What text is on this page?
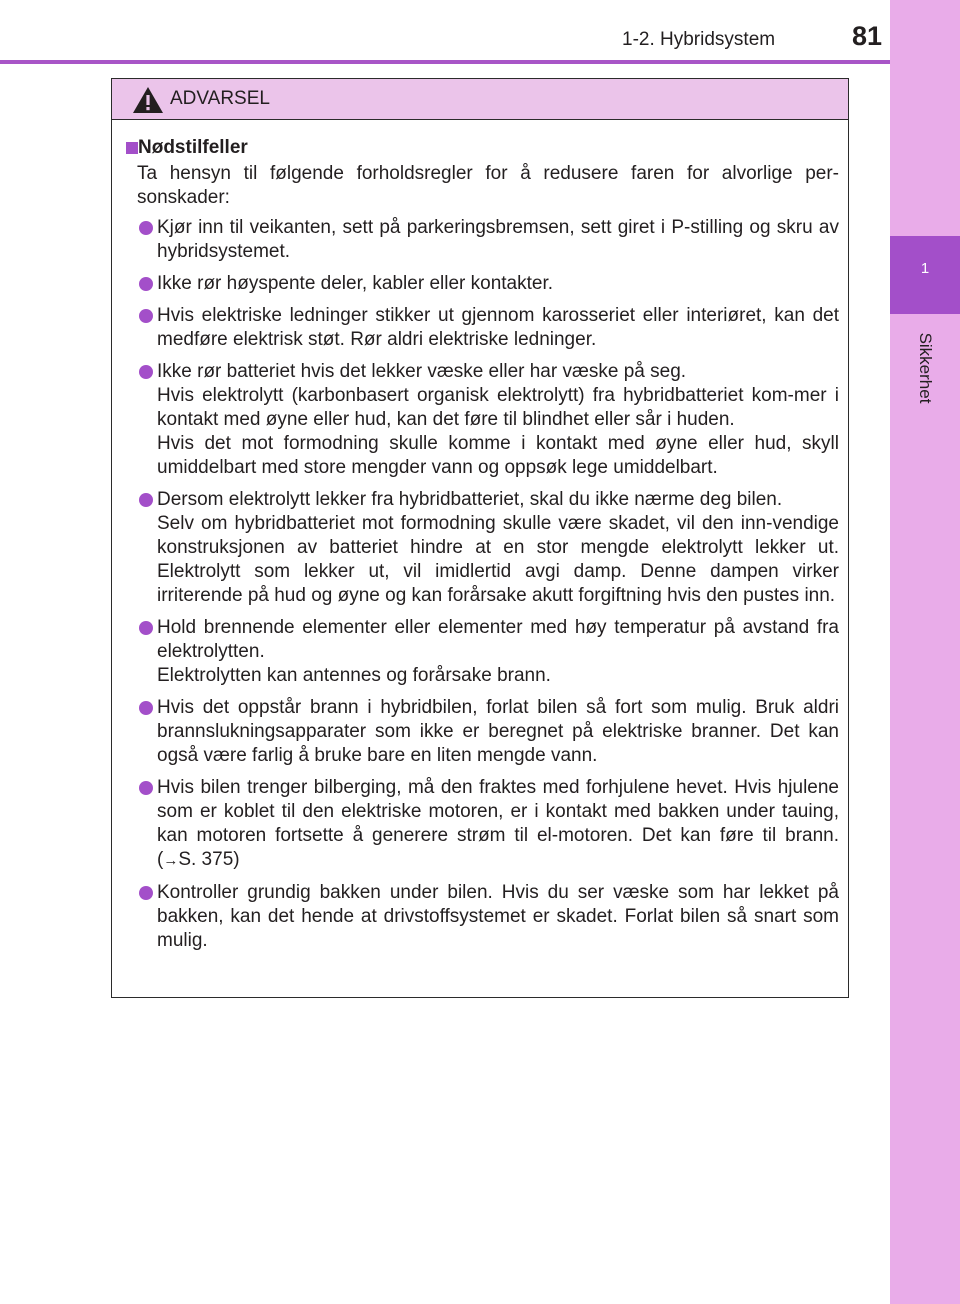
1-2. Hybridsystem	81
1
Sikkerhet
ADVARSEL
Nødstilfeller

Ta hensyn til følgende forholdsregler for å redusere faren for alvorlige per-sonskader:

Kjør inn til veikanten, sett på parkeringsbremsen, sett giret i P-stilling og skru av hybridsystemet.

Ikke rør høyspente deler, kabler eller kontakter.

Hvis elektriske ledninger stikker ut gjennom karosseriet eller interiøret, kan det medføre elektrisk støt. Rør aldri elektriske ledninger.

Ikke rør batteriet hvis det lekker væske eller har væske på seg.

Hvis elektrolytt (karbonbasert organisk elektrolytt) fra hybridbatteriet kom-mer i kontakt med øyne eller hud, kan det føre til blindhet eller sår i huden.

Hvis det mot formodning skulle komme i kontakt med øyne eller hud, skyll umiddelbart med store mengder vann og oppsøk lege umiddelbart.

Dersom elektrolytt lekker fra hybridbatteriet, skal du ikke nærme deg bilen.

Selv om hybridbatteriet mot formodning skulle være skadet, vil den inn-vendige konstruksjonen av batteriet hindre at en stor mengde elektrolytt lekker ut. Elektrolytt som lekker ut, vil imidlertid avgi damp. Denne dampen virker irriterende på hud og øyne og kan forårsake akutt forgiftning hvis den pustes inn.

Hold brennende elementer eller elementer med høy temperatur på avstand fra elektrolytten.

Elektrolytten kan antennes og forårsake brann.

Hvis det oppstår brann i hybridbilen, forlat bilen så fort som mulig. Bruk aldri brannslukningsapparater som ikke er beregnet på elektriske branner. Det kan også være farlig å bruke bare en liten mengde vann.

Hvis bilen trenger bilberging, må den fraktes med forhjulene hevet. Hvis hjulene som er koblet til den elektriske motoren, er i kontakt med bakken under tauing, kan motoren fortsette å generere strøm til el-motoren. Det kan føre til brann. (→S. 375)

Kontroller grundig bakken under bilen. Hvis du ser væske som har lekket på bakken, kan det hende at drivstoffsystemet er skadet. Forlat bilen så snart som mulig.
